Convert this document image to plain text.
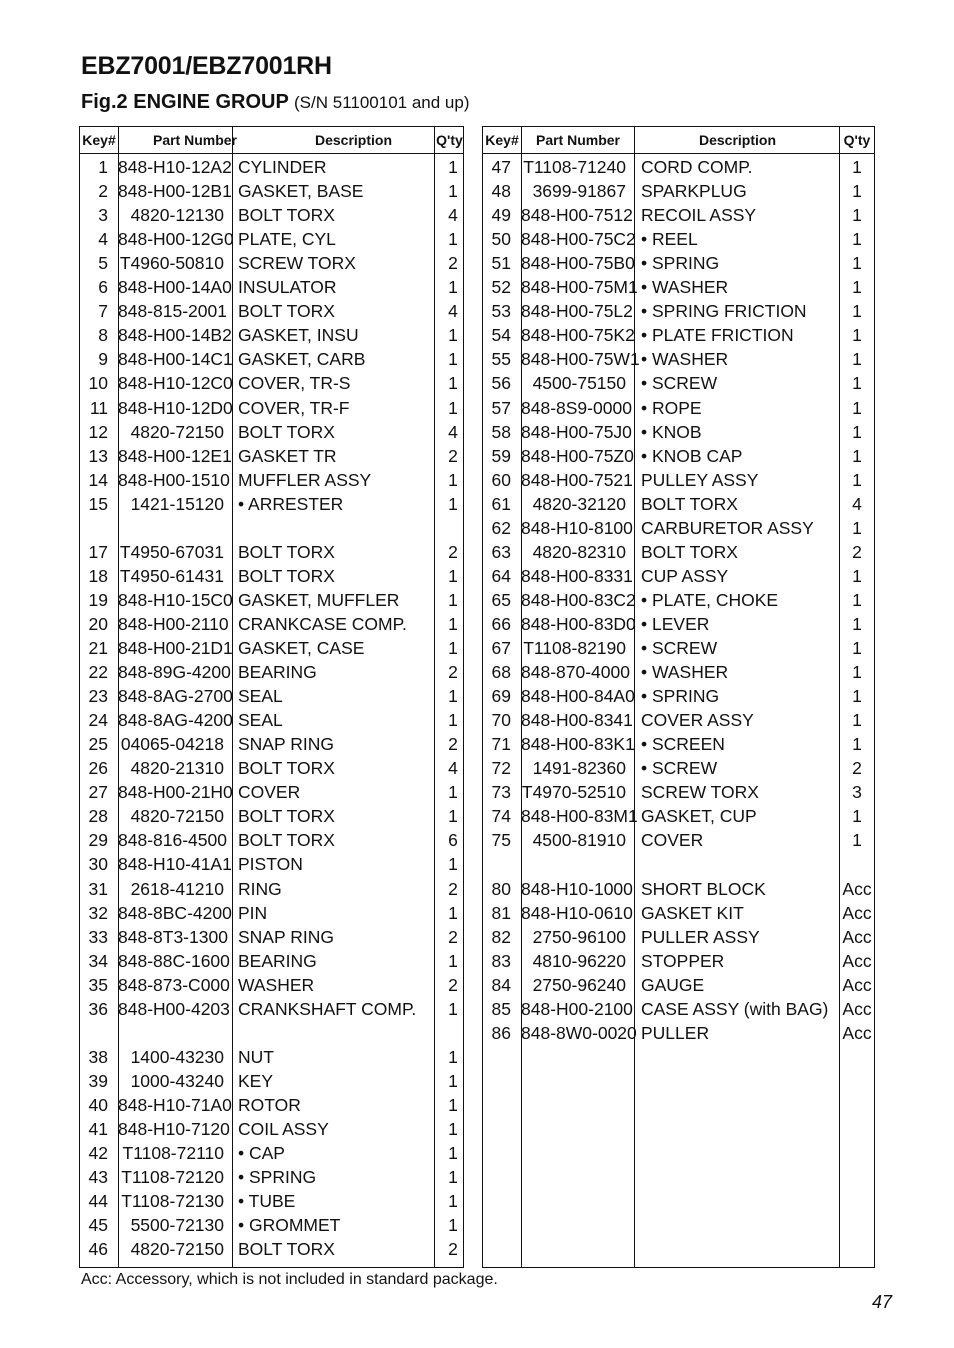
EBZ7001/EBZ7001RH
Fig.2 ENGINE GROUP (S/N 51100101 and up)
Key#	Part Number	Description	Q'ty
1 848-H10-12A2 CYLINDER	1
2 848-H00-12B1 GASKET, BASE	1
3	4820-12130 BOLT TORX	4
4 848-H00-12G0 PLATE, CYL	1
5 T4960-50810 SCREW TORX	2
6 848-H00-14A0 INSULATOR	1
7 848-815-2001 BOLT TORX	4
8 848-H00-14B2 GASKET, INSU	1
9 848-H00-14C1 GASKET, CARB	1
10 848-H10-12C0 COVER, TR-S	1
11 848-H10-12D0 COVER, TR-F	1
12	4820-72150 BOLT TORX	4
13 848-H00-12E1 GASKET TR	2
14 848-H00-1510 MUFFLER ASSY	1
15	1421-15120 • ARRESTER	1
17 T4950-67031 BOLT TORX	2
18 T4950-61431 BOLT TORX	1
19 848-H10-15C0 GASKET, MUFFLER	1
20 848-H00-2110 CRANKCASE COMP.	1
21 848-H00-21D1 GASKET, CASE	1
22 848-89G-4200 BEARING	2
23 848-8AG-2700 SEAL	1
24 848-8AG-4200 SEAL	1
25 04065-04218 SNAP RING	2
26	4820-21310 BOLT TORX	4
27 848-H00-21H0 COVER	1
28	4820-72150 BOLT TORX	1
29 848-816-4500 BOLT TORX	6
30 848-H10-41A1 PISTON	1
31	2618-41210 RING	2
32 848-8BC-4200 PIN	1
33 848-8T3-1300 SNAP RING	2
34 848-88C-1600 BEARING	1
35 848-873-C000 WASHER	2
36 848-H00-4203 CRANKSHAFT COMP.	1
38	1400-43230 NUT	1
39	1000-43240 KEY	1
40 848-H10-71A0 ROTOR	1
41 848-H10-7120 COIL ASSY	1
42 T1108-72110 • CAP	1
43 T1108-72120 • SPRING	1
44 T1108-72130 • TUBE	1
45	5500-72130 • GROMMET	1
46	4820-72150 BOLT TORX	2
Key#	Part Number	Description	Q'ty
47 T1108-71240 CORD COMP.	1
48	3699-91867 SPARKPLUG	1
49 848-H00-7512 RECOIL ASSY	1
50 848-H00-75C2 • REEL	1
51 848-H00-75B0 • SPRING	1
52 848-H00-75M1 • WASHER	1
53 848-H00-75L2 • SPRING FRICTION	1
54 848-H00-75K2 • PLATE FRICTION	1
55 848-H00-75W1 • WASHER	1
56	4500-75150 • SCREW	1
57 848-8S9-0000 • ROPE	1
58 848-H00-75J0 • KNOB	1
59 848-H00-75Z0 • KNOB CAP	1
60 848-H00-7521 PULLEY ASSY	1
61	4820-32120 BOLT TORX	4
62 848-H10-8100 CARBURETOR ASSY	1
63	4820-82310 BOLT TORX	2
64 848-H00-8331 CUP ASSY	1
65 848-H00-83C2 • PLATE, CHOKE	1
66 848-H00-83D0 • LEVER	1
67 T1108-82190 • SCREW	1
68 848-870-4000 • WASHER	1
69 848-H00-84A0 • SPRING	1
70 848-H00-8341 COVER ASSY	1
71 848-H00-83K1 • SCREEN	1
72	1491-82360 • SCREW	2
73 T4970-52510 SCREW TORX	3
74 848-H00-83M1 GASKET, CUP	1
75	4500-81910 COVER	1
80 848-H10-1000 SHORT BLOCK	Acc
81 848-H10-0610 GASKET KIT	Acc
82	2750-96100 PULLER ASSY	Acc
83	4810-96220 STOPPER	Acc
84	2750-96240 GAUGE	Acc
85 848-H00-2100 CASE ASSY (with BAG) Acc
86 848-8W0-0020 PULLER	Acc
Acc: Accessory, which is not included in standard package.
47
